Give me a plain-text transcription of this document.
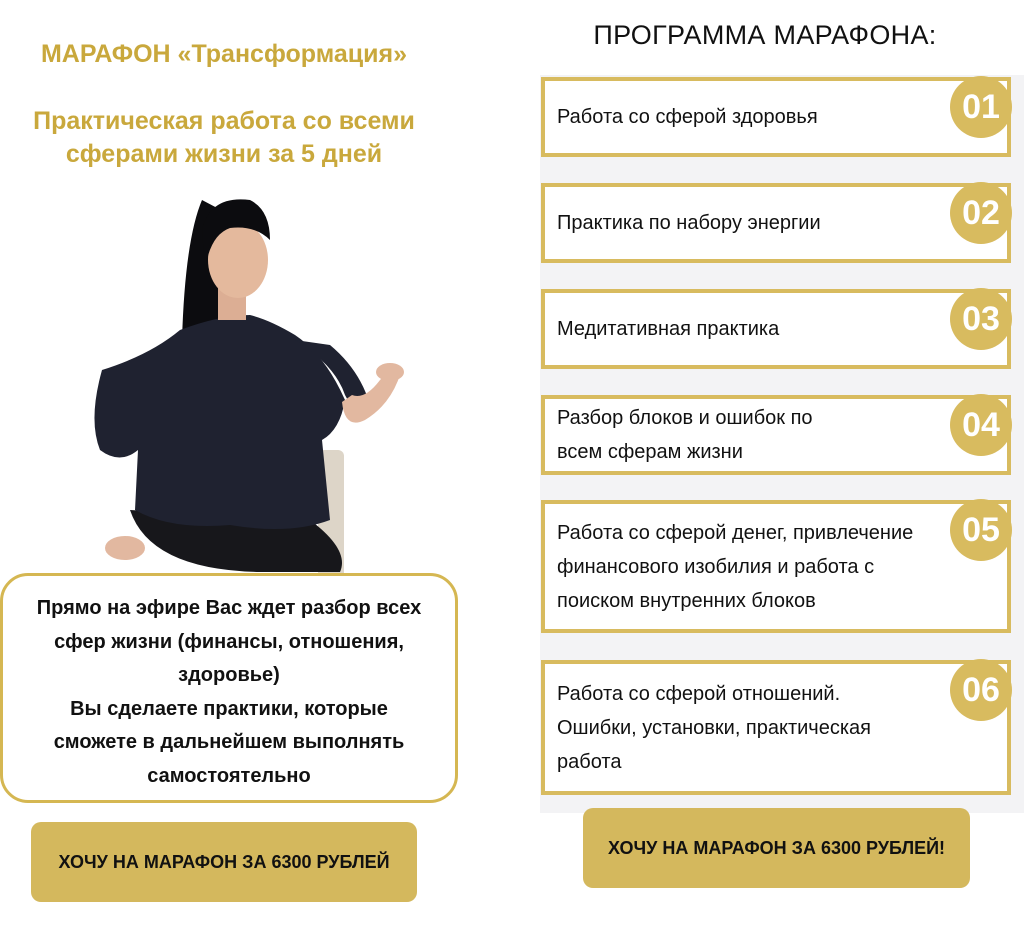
МАРАФОН «Трансформация»
Практическая работа со всеми
сферами жизни за 5 дней
Прямо на эфире Вас ждет разбор всех
сфер жизни (финансы, отношения,
здоровье)
Вы сделаете практики, которые
сможете в дальнейшем выполнять
самостоятельно
ХОЧУ НА МАРАФОН ЗА 6300 РУБЛЕЙ
ПРОГРАММА МАРАФОНА:
Работа со сферой здоровья	01
Практика по набору энергии	02
Медитативная практика	03
Разбор блоков и ошибок по
всем сферам жизни
04
Работа со сферой денег, привлечение
финансового изобилия и работа с
поиском внутренних блоков
05
Работа со сферой отношений.
Ошибки, установки, практическая
работа
06
ХОЧУ НА МАРАФОН ЗА 6300 РУБЛЕЙ!
